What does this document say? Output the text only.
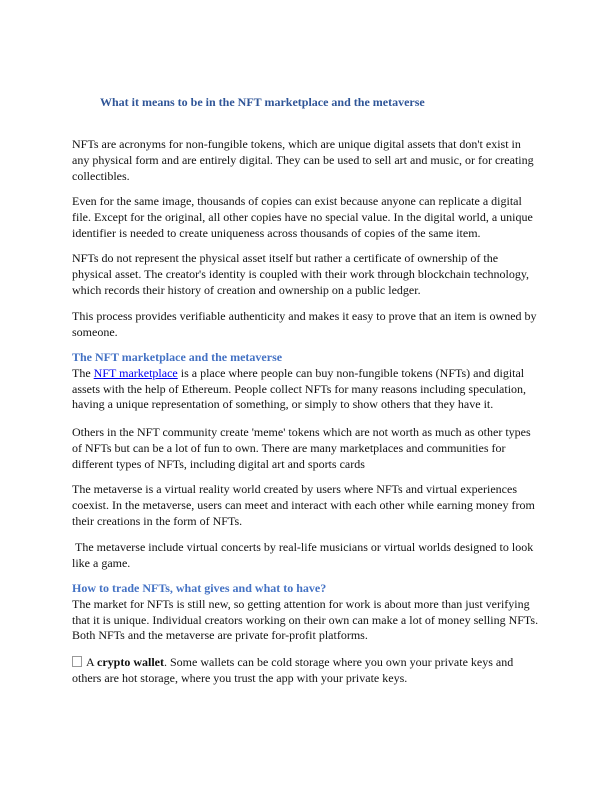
What it means to be in the NFT marketplace and the metaverse
NFTs are acronyms for non-fungible tokens, which are unique digital assets that don't exist in
any physical form and are entirely digital. They can be used to sell art and music, or for creating
collectibles.
Even for the same image, thousands of copies can exist because anyone can replicate a digital
file. Except for the original, all other copies have no special value. In the digital world, a unique
identifier is needed to create uniqueness across thousands of copies of the same item.
NFTs do not represent the physical asset itself but rather a certificate of ownership of the
physical asset. The creator's identity is coupled with their work through blockchain technology,
which records their history of creation and ownership on a public ledger.
This process provides verifiable authenticity and makes it easy to prove that an item is owned by
someone.
The NFT marketplace and the metaverse
The NFT marketplace is a place where people can buy non-fungible tokens (NFTs) and digital
assets with the help of Ethereum. People collect NFTs for many reasons including speculation,
having a unique representation of something, or simply to show others that they have it.
Others in the NFT community create 'meme' tokens which are not worth as much as other types
of NFTs but can be a lot of fun to own. There are many marketplaces and communities for
different types of NFTs, including digital art and sports cards
The metaverse is a virtual reality world created by users where NFTs and virtual experiences
coexist. In the metaverse, users can meet and interact with each other while earning money from
their creations in the form of NFTs.
The metaverse include virtual concerts by real-life musicians or virtual worlds designed to look
like a game.
How to trade NFTs, what gives and what to have?
The market for NFTs is still new, so getting attention for work is about more than just verifying
that it is unique. Individual creators working on their own can make a lot of money selling NFTs.
Both NFTs and the metaverse are private for-profit platforms.
A crypto wallet. Some wallets can be cold storage where you own your private keys and
others are hot storage, where you trust the app with your private keys.
